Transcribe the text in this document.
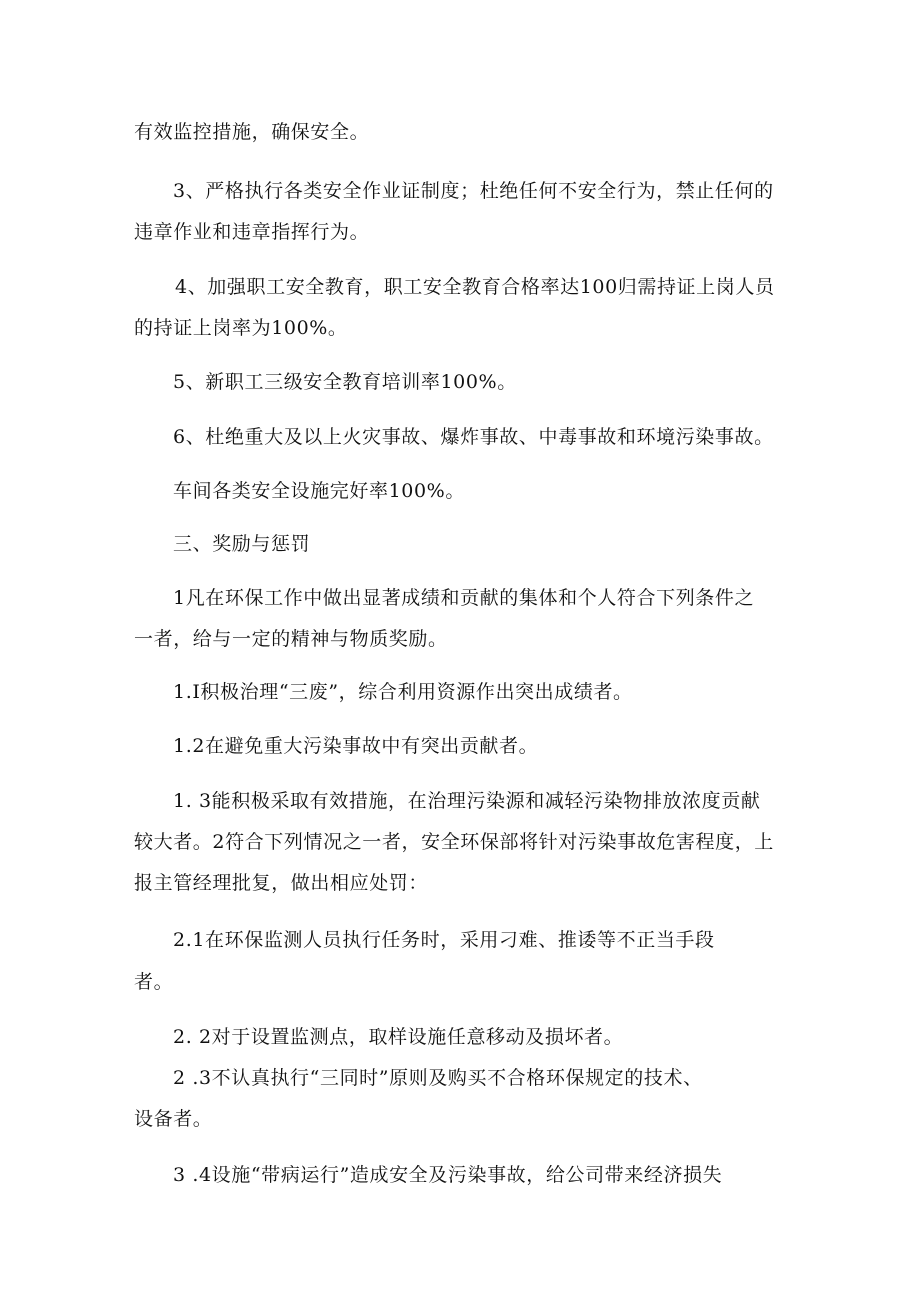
有效监控措施，确保安全。
3、严格执行各类安全作业证制度；杜绝任何不安全行为，禁止任何的
违章作业和违章指挥行为。
4、加强职工安全教育，职工安全教育合格率达100归需持证上岗人员
的持证上岗率为100%。
5、新职工三级安全教育培训率100%。
6、杜绝重大及以上火灾事故、爆炸事故、中毒事故和环境污染事故。
车间各类安全设施完好率100%。
三、奖励与惩罚
1凡在环保工作中做出显著成绩和贡献的集体和个人符合下列条件之
一者，给与一定的精神与物质奖励。
1.I积极治理“三废”，综合利用资源作出突出成绩者。
1.2在避免重大污染事故中有突出贡献者。
1. 3能积极采取有效措施，在治理污染源和减轻污染物排放浓度贡献
较大者。2符合下列情况之一者，安全环保部将针对污染事故危害程度，上
报主管经理批复，做出相应处罚：
2.1在环保监测人员执行任务时，采用刁难、推诿等不正当手段
者。
2. 2对于设置监测点，取样设施任意移动及损坏者。
2 .3不认真执行“三同时”原则及购买不合格环保规定的技术、
设备者。
3 .4设施“带病运行”造成安全及污染事故，给公司带来经济损失
